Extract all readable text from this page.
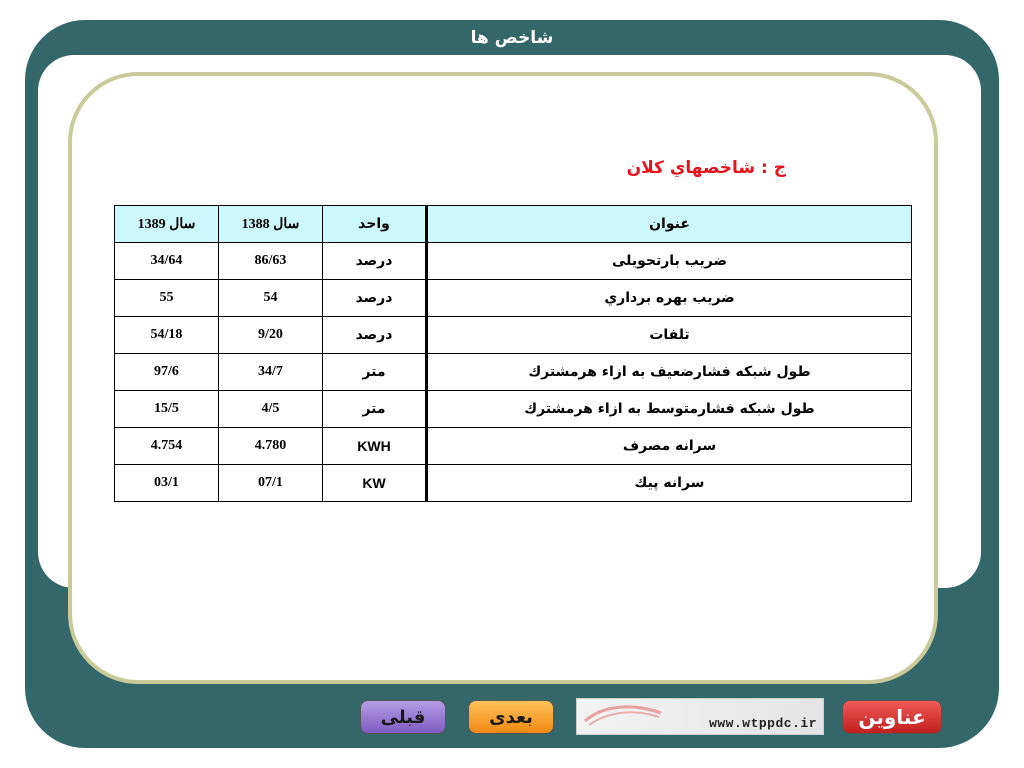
شاخص ها
ج : شاخصهاي كلان
سال 1389	سال 1388	واحد	عنوان
34/64	86/63	درصد	ضریب بارتحویلی
55	54	درصد	ضريب بهره برداري
54/18	9/20	درصد	تلفات
97/6	34/7	متر	طول شبکه فشارضعیف به ازاء هرمشترك
15/5	4/5	متر	طول شبکه فشارمتوسط به ازاء هرمشترك
4.754	4.780	KWH	سرانه مصرف
03/1	07/1	KW	سرانه پیك
قبلی	بعدی	www.wtppdc.ir	عناوین
